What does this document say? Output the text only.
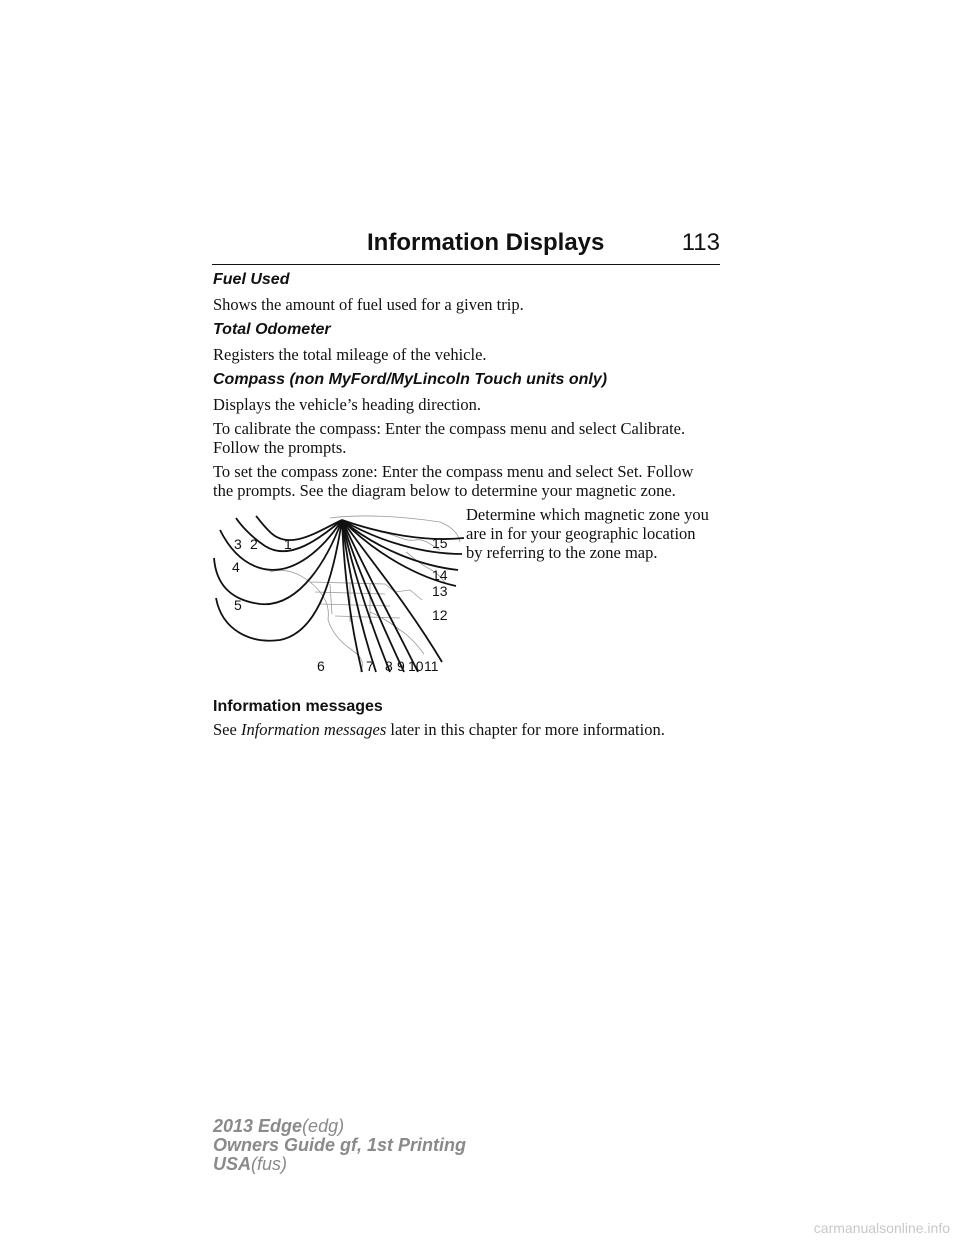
Information Displays	113
Fuel Used
Shows the amount of fuel used for a given trip.
Total Odometer
Registers the total mileage of the vehicle.
Compass (non MyFord/MyLincoln Touch units only)
Displays the vehicle’s heading direction.
To calibrate the compass: Enter the compass menu and select Calibrate.
Follow the prompts.
To set the compass zone: Enter the compass menu and select Set. Follow
the prompts. See the diagram below to determine your magnetic zone.
Determine which magnetic zone you
are in for your geographic location
by referring to the zone map.
3 2 1
4
5
6	7 8 9 10 11
12
13
14
15
Information messages
See Information messages later in this chapter for more information.
2013 Edge(edg)
Owners Guide gf, 1st Printing
USA(fus)
carmanualsonline.info
